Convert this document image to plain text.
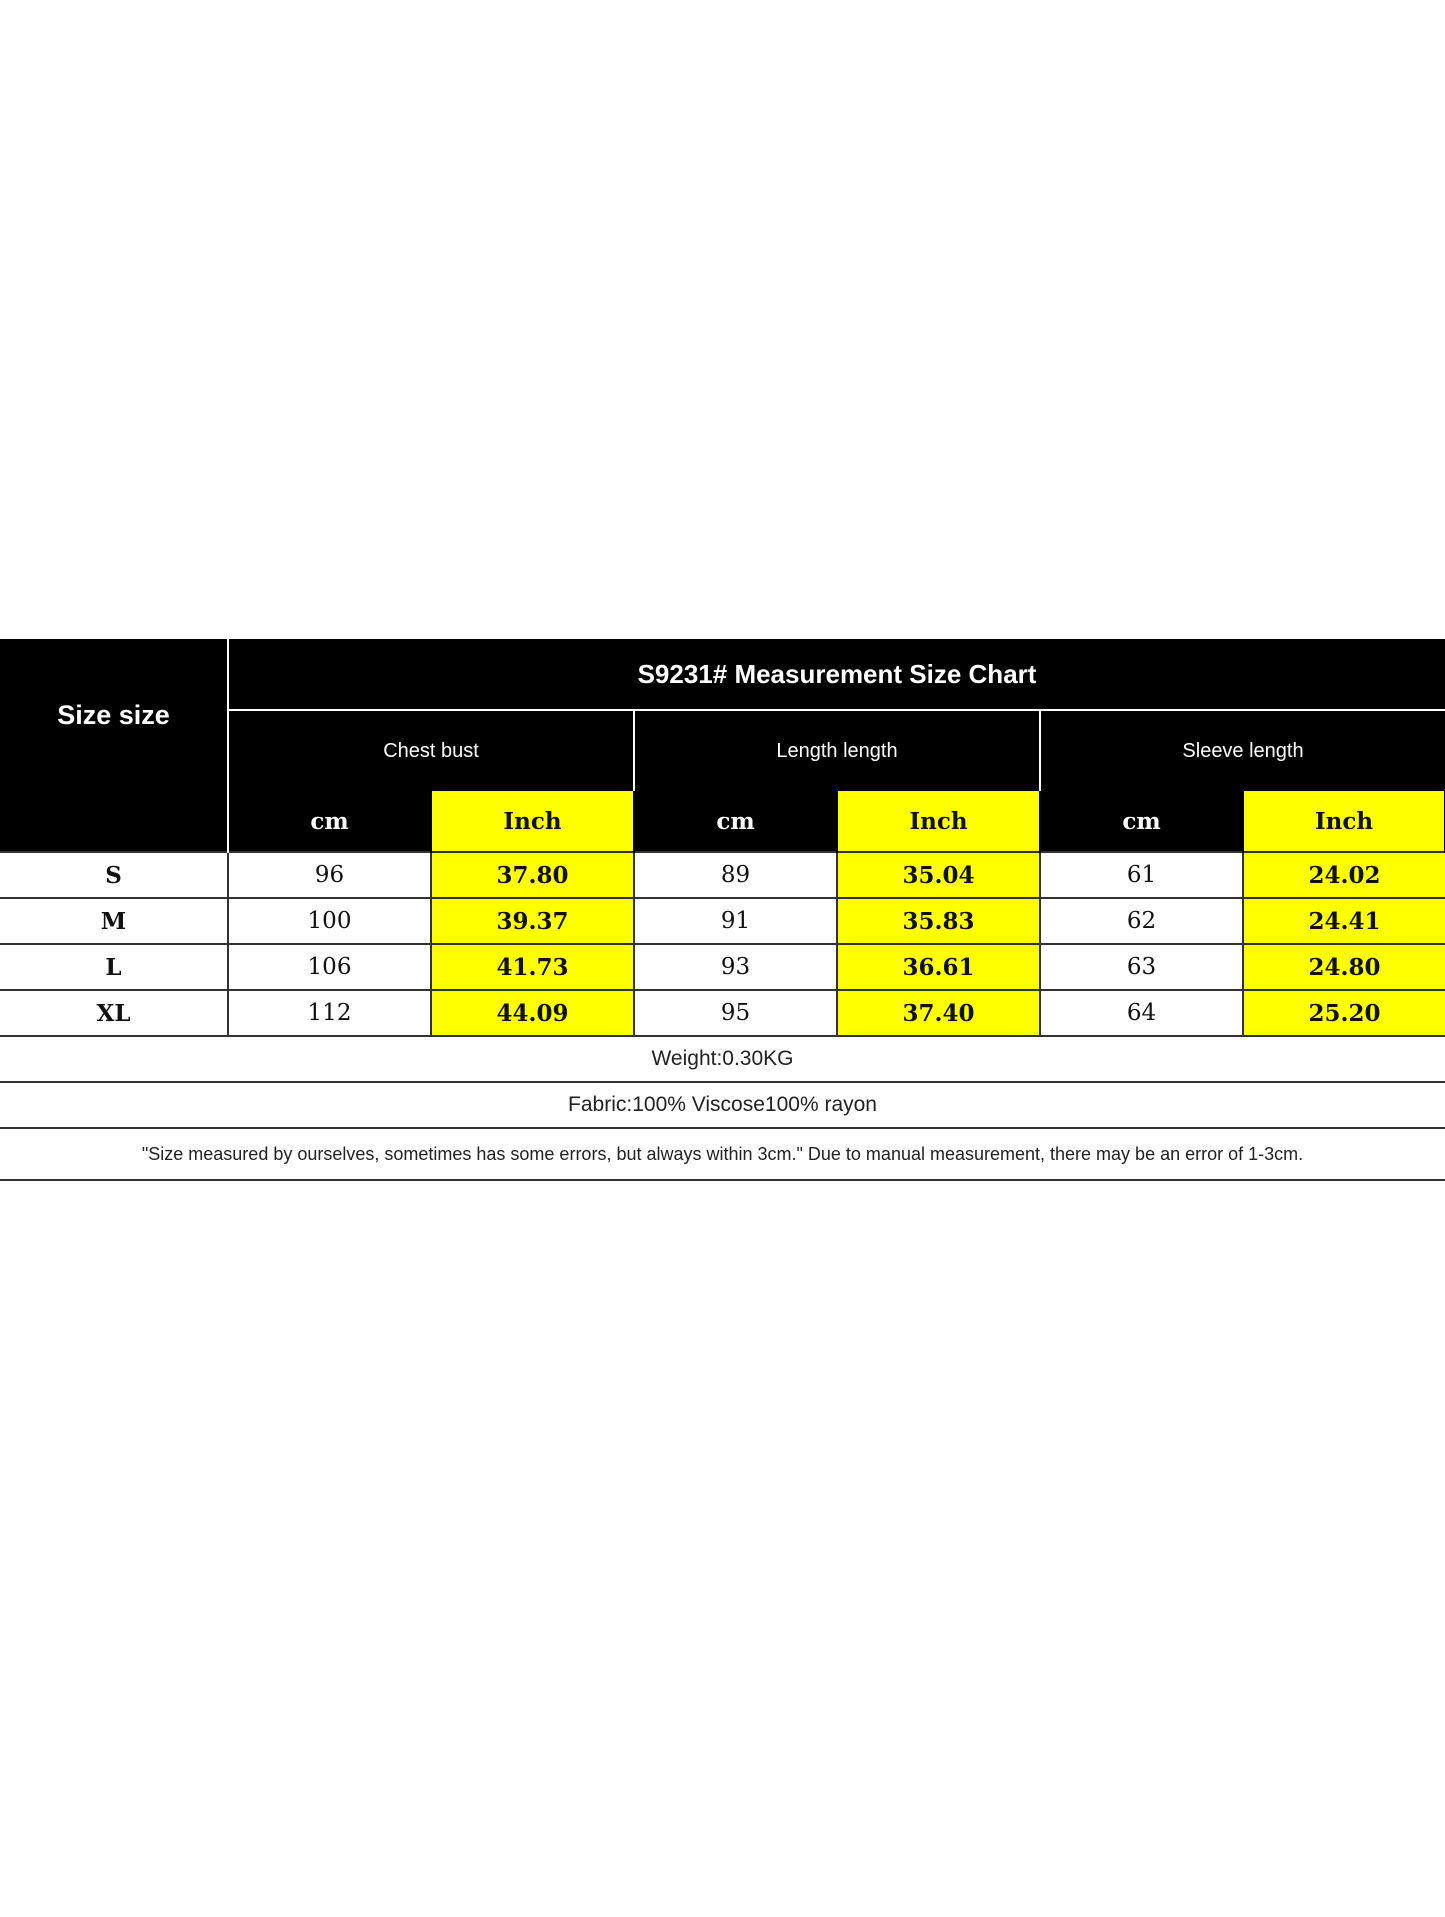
Size size	S9231# Measurement Size Chart					
	Chest bust		Length length		Sleeve length	
	cm	Inch	cm	Inch	cm	Inch
S	96	37.80	89	35.04	61	24.02
M	100	39.37	91	35.83	62	24.41
L	106	41.73	93	36.61	63	24.80
XL	112	44.09	95	37.40	64	25.20
Weight:0.30KG						
Fabric:100% Viscose100% rayon						
"Size measured by ourselves, sometimes has some errors, but always within 3cm." Due to manual measurement, there may be an error of 1-3cm.						
